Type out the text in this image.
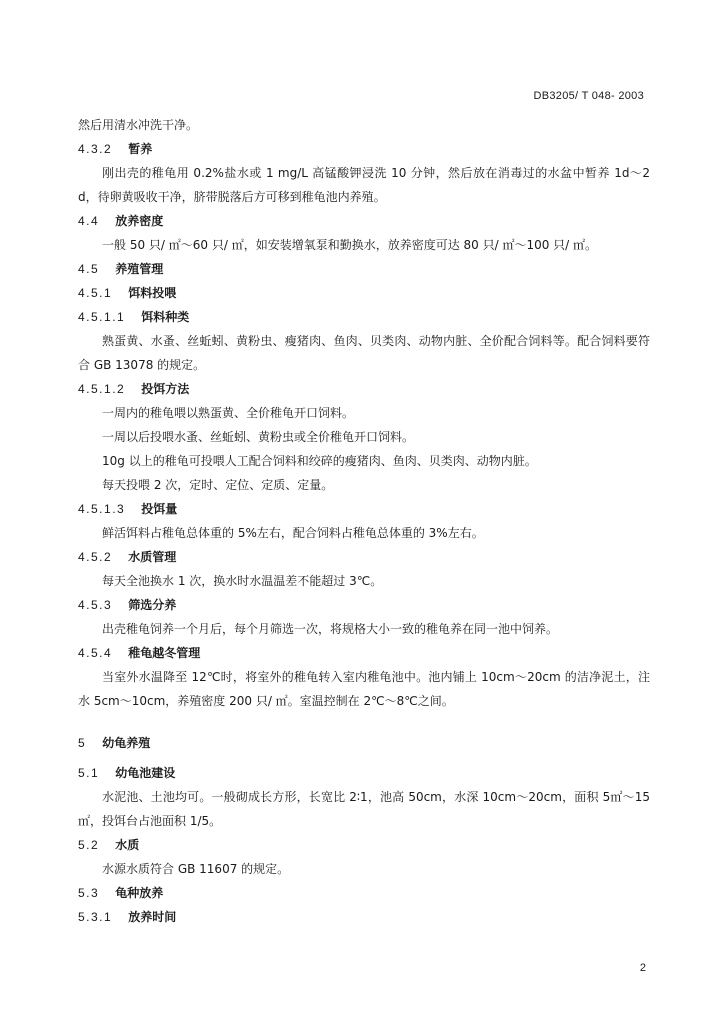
DB3205/ T 048- 2003
然后用清水冲洗干净。
4.3.2 暂养
刚出壳的稚龟用 0.2%盐水或 1 mg/L 高锰酸钾浸洗 10 分钟，然后放在消毒过的水盆中暂养 1d～2d，待卵黄吸收干净，脐带脱落后方可移到稚龟池内养殖。
4.4 放养密度
一般 50 只/ ㎡～60 只/ ㎡，如安装增氧泵和勤换水，放养密度可达 80 只/ ㎡～100 只/ ㎡。
4.5 养殖管理
4.5.1 饵料投喂
4.5.1.1 饵料种类
熟蛋黄、水蚤、丝蚯蚓、黄粉虫、瘦猪肉、鱼肉、贝类肉、动物内脏、全价配合饲料等。配合饲料要符合 GB 13078 的规定。
4.5.1.2 投饵方法
一周内的稚龟喂以熟蛋黄、全价稚龟开口饲料。
一周以后投喂水蚤、丝蚯蚓、黄粉虫或全价稚龟开口饲料。
10g 以上的稚龟可投喂人工配合饲料和绞碎的瘦猪肉、鱼肉、贝类肉、动物内脏。
每天投喂 2 次，定时、定位、定质、定量。
4.5.1.3 投饵量
鲜活饵料占稚龟总体重的 5%左右，配合饲料占稚龟总体重的 3%左右。
4.5.2 水质管理
每天全池换水 1 次，换水时水温温差不能超过 3℃。
4.5.3 筛选分养
出壳稚龟饲养一个月后，每个月筛选一次，将规格大小一致的稚龟养在同一池中饲养。
4.5.4 稚龟越冬管理
当室外水温降至 12℃时，将室外的稚龟转入室内稚龟池中。池内铺上 10cm～20cm 的洁净泥土，注水 5cm～10cm，养殖密度 200 只/ ㎡。室温控制在 2℃～8℃之间。
5 幼龟养殖
5.1 幼龟池建设
水泥池、土池均可。一般砌成长方形，长宽比 2∶1，池高 50cm，水深 10cm～20cm，面积 5㎡～15㎡，投饵台占池面积 1/5。
5.2 水质
水源水质符合 GB 11607 的规定。
5.3 龟种放养
5.3.1 放养时间
2
